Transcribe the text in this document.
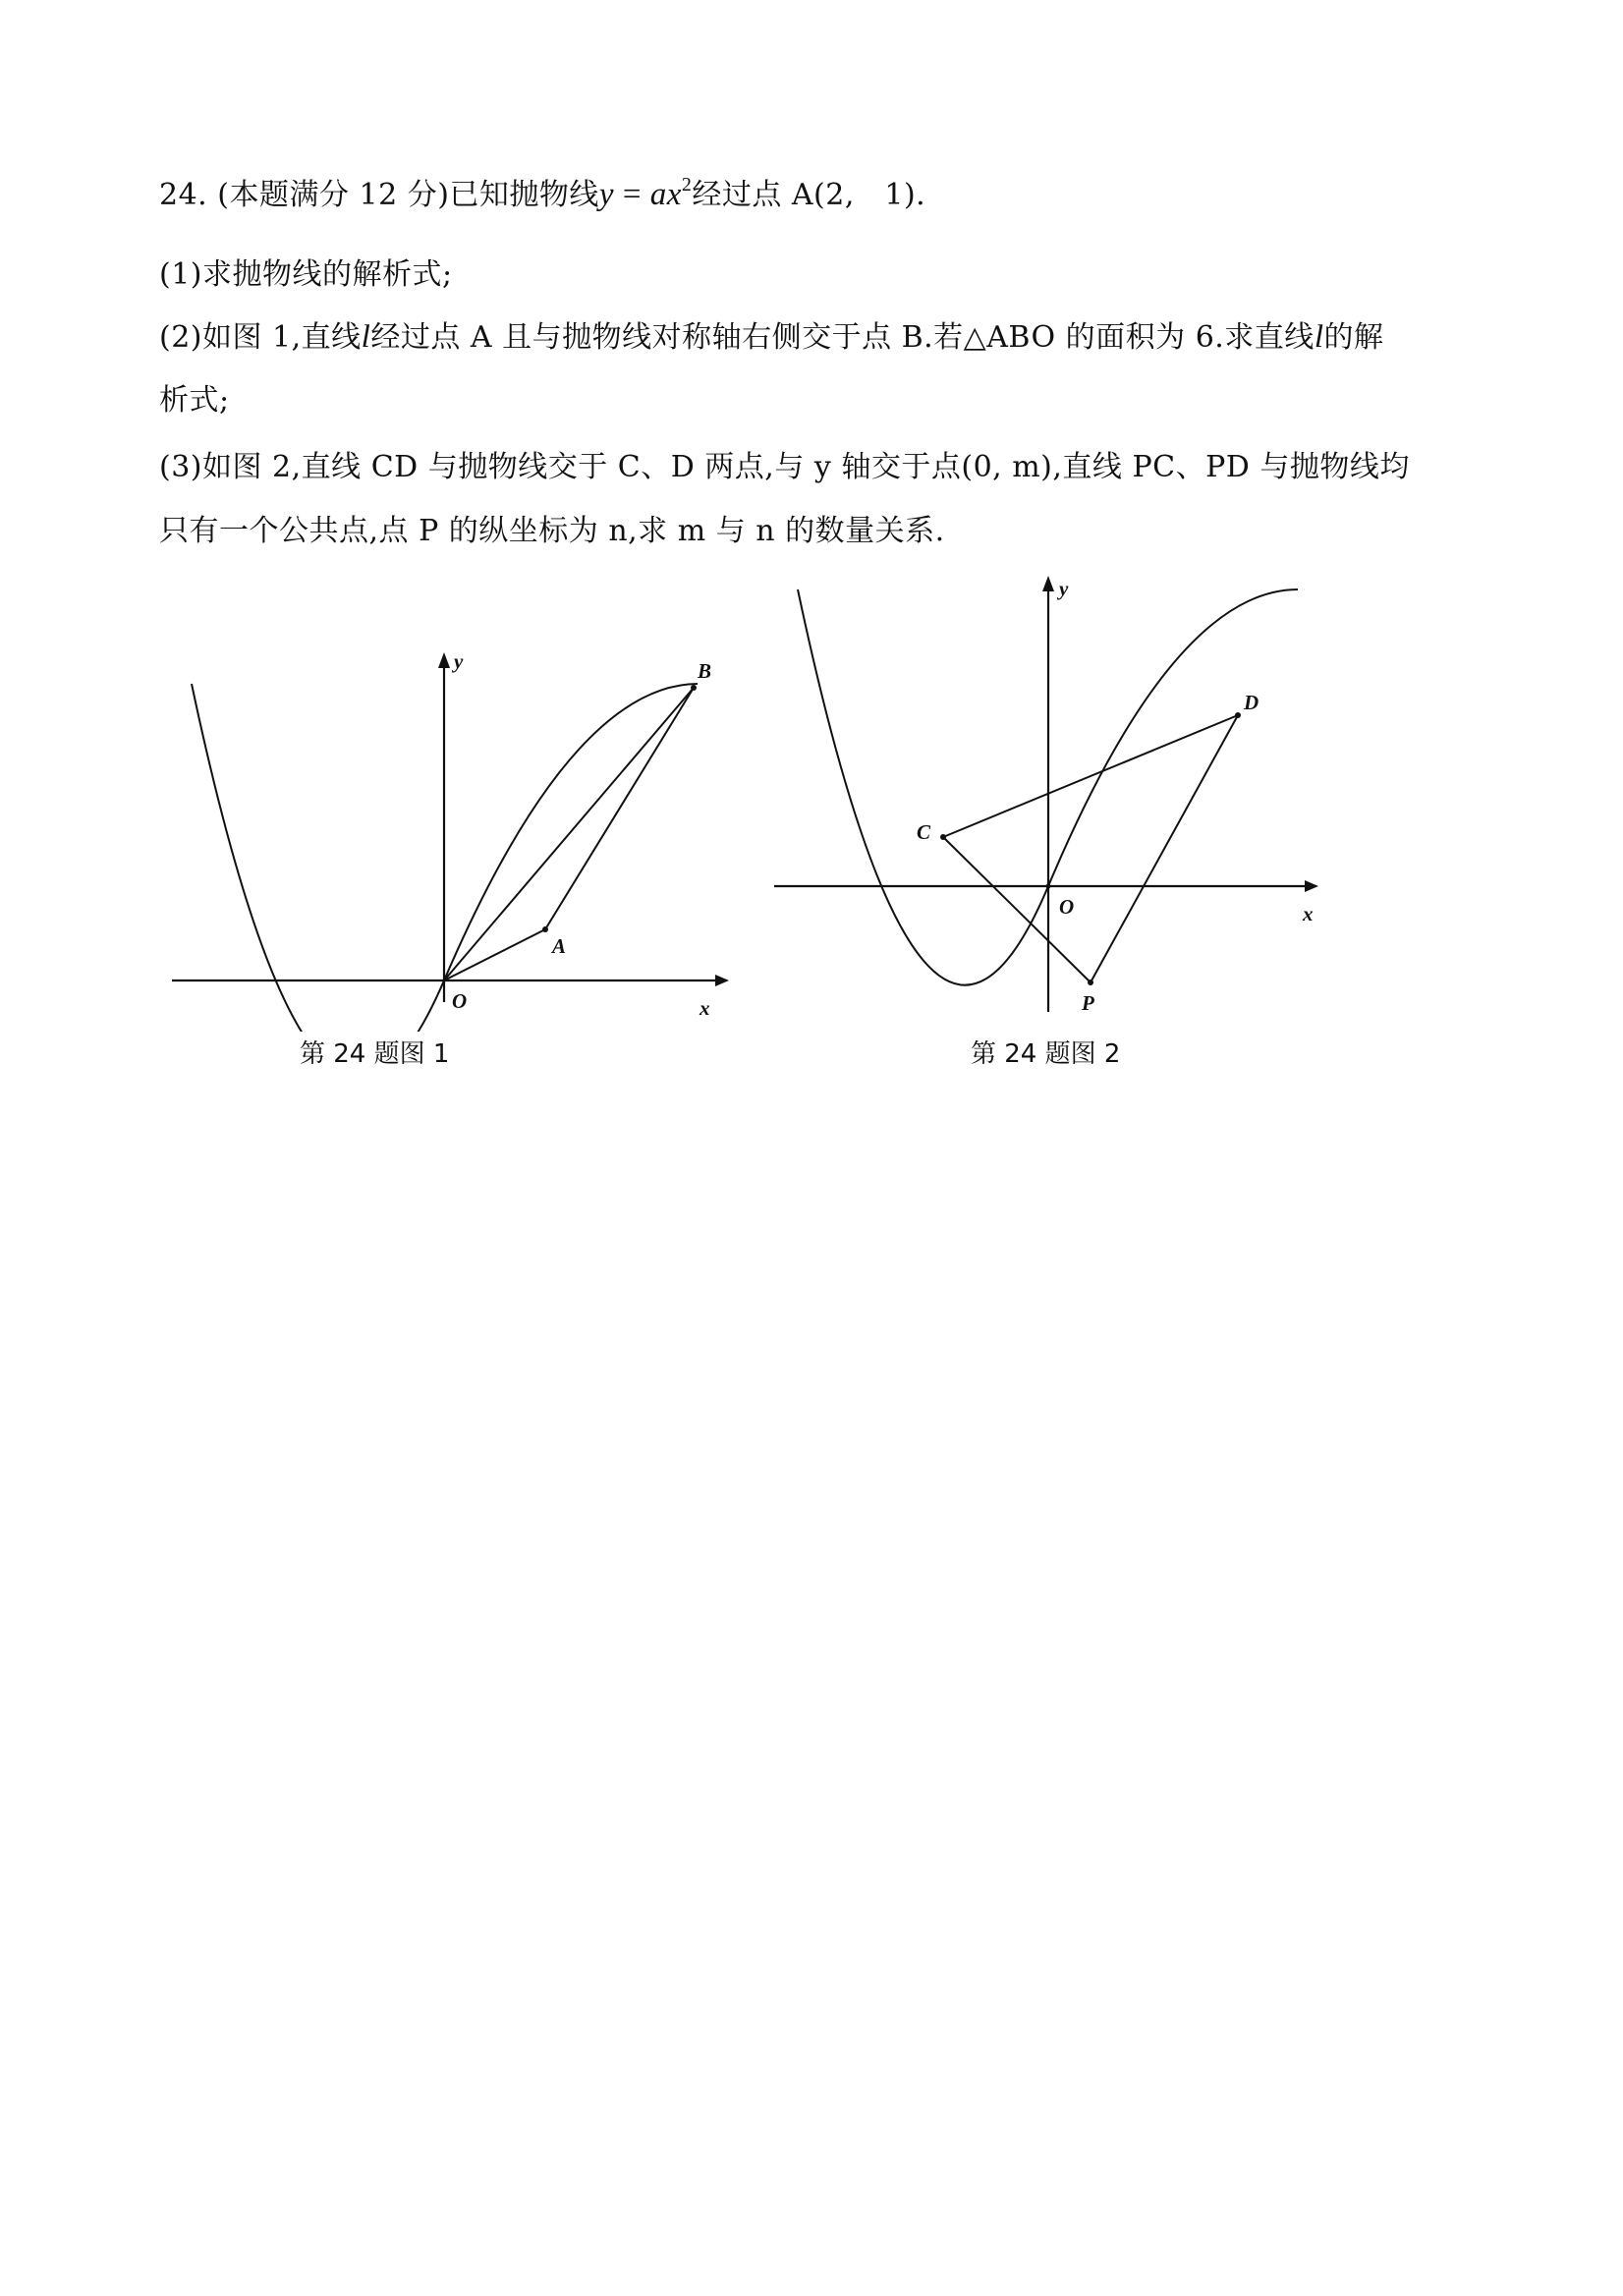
24. (本题满分 12 分)已知抛物线$y = ax^2$经过点 A(2,　1).
(1)求抛物线的解析式;
(2)如图 1,直线l经过点 A 且与抛物线对称轴右侧交于点 B.若△ABO 的面积为 6.求直线l的解
析式;
(3)如图 2,直线 CD 与抛物线交于 C、D 两点,与 y 轴交于点(0, m),直线 PC、PD 与抛物线均
只有一个公共点,点 P 的纵坐标为 n,求 m 与 n 的数量关系.
y
x
O
A
B
第 24 题图 1
y
x
O
C
D
P
第 24 题图 2
